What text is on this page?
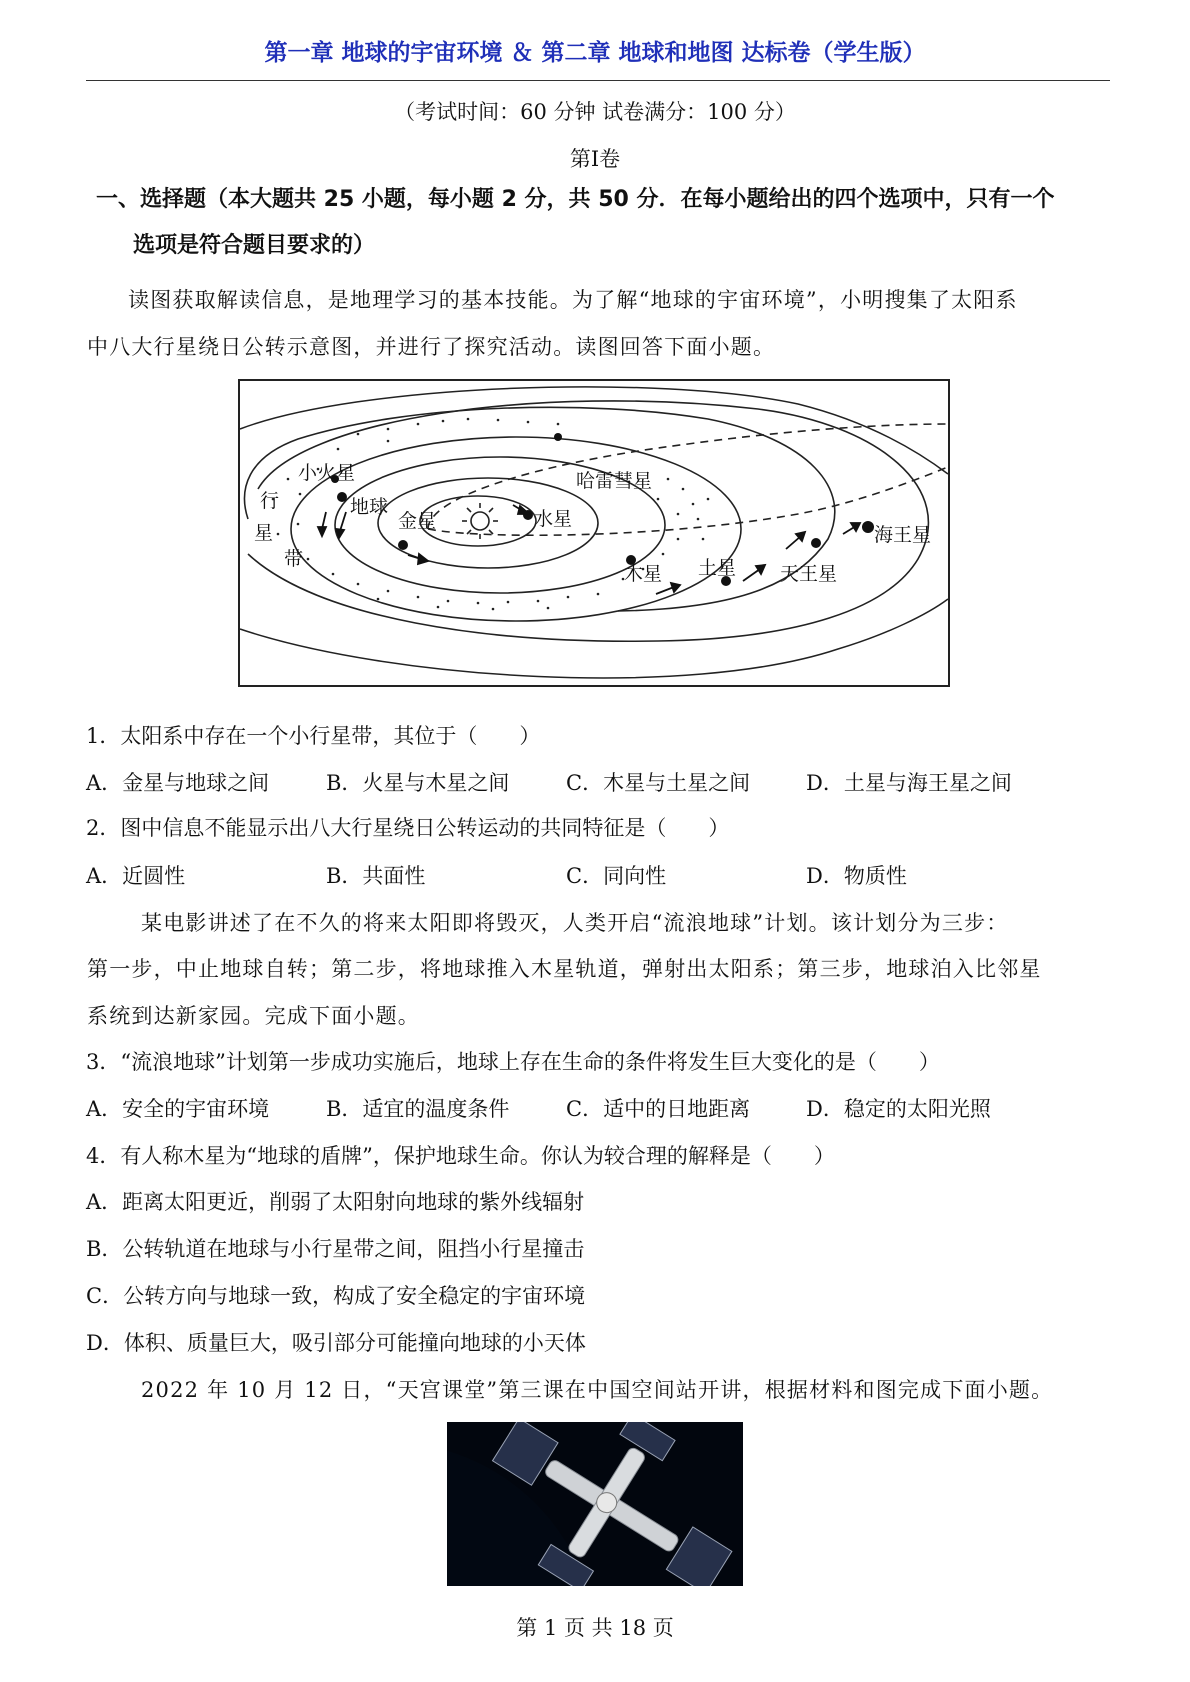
第一章 地球的宇宙环境 ＆ 第二章 地球和地图 达标卷（学生版）
（考试时间：60 分钟 试卷满分：100 分）
第I卷
一、选择题（本大题共 25 小题，每小题 2 分，共 50 分．在每小题给出的四个选项中，只有一个
选项是符合题目要求的）
读图获取解读信息，是地理学习的基本技能。为了解“地球的宇宙环境”，小明搜集了太阳系
中八大行星绕日公转示意图，并进行了探究活动。读图回答下面小题。
行
星
带
小火星
地球
金星	水星
哈雷彗星
木星 土星 天王星
海王星
1．太阳系中存在一个小行星带，其位于（　　）
A．金星与地球之间	B．火星与木星之间	C．木星与土星之间	D．土星与海王星之间
2．图中信息不能显示出八大行星绕日公转运动的共同特征是（　　）
A．近圆性	B．共面性	C．同向性	D．物质性
某电影讲述了在不久的将来太阳即将毁灭，人类开启“流浪地球”计划。该计划分为三步：
第一步，中止地球自转；第二步，将地球推入木星轨道，弹射出太阳系；第三步，地球泊入比邻星
系统到达新家园。完成下面小题。
3．“流浪地球”计划第一步成功实施后，地球上存在生命的条件将发生巨大变化的是（　　）
A．安全的宇宙环境	B．适宜的温度条件	C．适中的日地距离	D．稳定的太阳光照
4．有人称木星为“地球的盾牌”，保护地球生命。你认为较合理的解释是（　　）
A．距离太阳更近，削弱了太阳射向地球的紫外线辐射
B．公转轨道在地球与小行星带之间，阻挡小行星撞击
C．公转方向与地球一致，构成了安全稳定的宇宙环境
D．体积、质量巨大，吸引部分可能撞向地球的小天体
2022 年 10 月 12 日，“天宫课堂”第三课在中国空间站开讲，根据材料和图完成下面小题。
第 1 页 共 18 页
